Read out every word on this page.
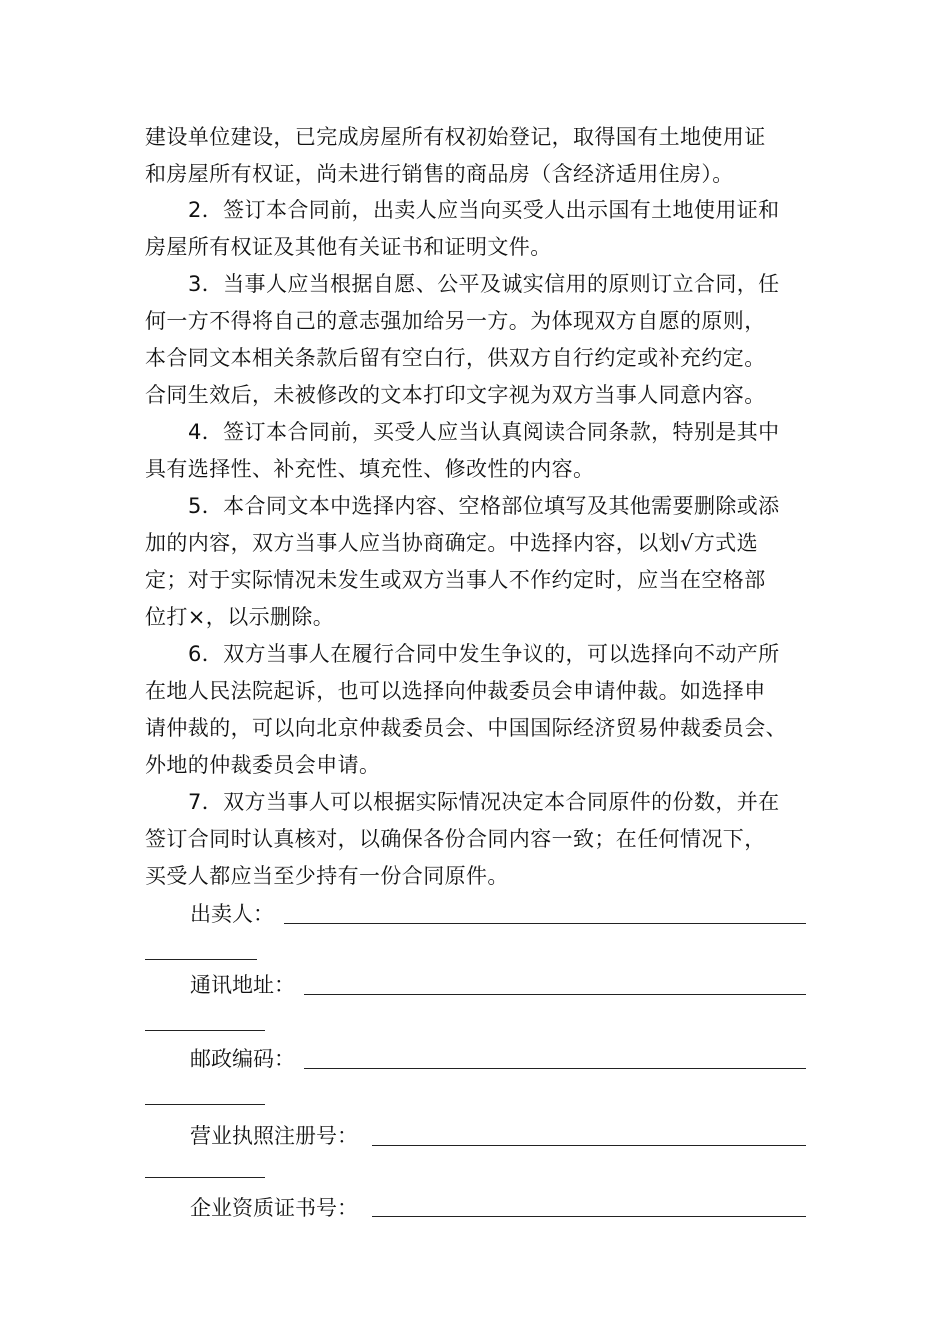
建设单位建设，已完成房屋所有权初始登记，取得国有土地使用证
和房屋所有权证，尚未进行销售的商品房（含经济适用住房）。
2．签订本合同前，出卖人应当向买受人出示国有土地使用证和
房屋所有权证及其他有关证书和证明文件。
3．当事人应当根据自愿、公平及诚实信用的原则订立合同，任
何一方不得将自己的意志强加给另一方。为体现双方自愿的原则，
本合同文本相关条款后留有空白行，供双方自行约定或补充约定。
合同生效后，未被修改的文本打印文字视为双方当事人同意内容。
4．签订本合同前，买受人应当认真阅读合同条款，特别是其中
具有选择性、补充性、填充性、修改性的内容。
5．本合同文本中选择内容、空格部位填写及其他需要删除或添
加的内容，双方当事人应当协商确定。中选择内容，以划√方式选
定；对于实际情况未发生或双方当事人不作约定时，应当在空格部
位打×，以示删除。
6．双方当事人在履行合同中发生争议的，可以选择向不动产所
在地人民法院起诉，也可以选择向仲裁委员会申请仲裁。如选择申
请仲裁的，可以向北京仲裁委员会、中国国际经济贸易仲裁委员会、
外地的仲裁委员会申请。
7．双方当事人可以根据实际情况决定本合同原件的份数，并在
签订合同时认真核对，以确保各份合同内容一致；在任何情况下，
买受人都应当至少持有一份合同原件。
出卖人：
通讯地址：
邮政编码：
营业执照注册号：
企业资质证书号：
